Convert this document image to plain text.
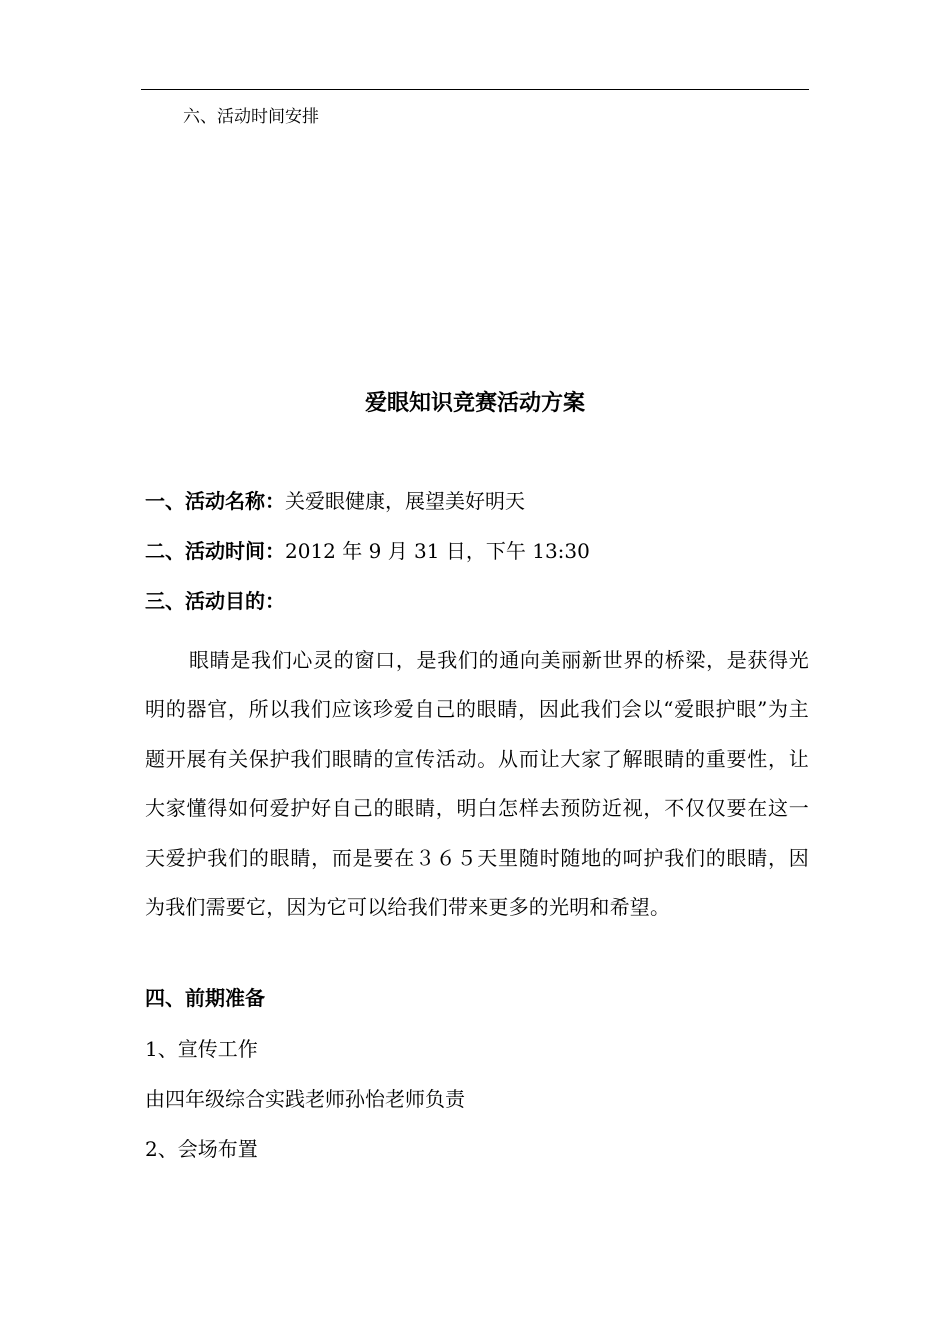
六、活动时间安排
爱眼知识竞赛活动方案
一、活动名称：关爱眼健康，展望美好明天
二、活动时间：2012 年 9 月 31 日，下午 13:30
三、活动目的：
眼睛是我们心灵的窗口，是我们的通向美丽新世界的桥梁，是获得光明的器官，所以我们应该珍爱自己的眼睛，因此我们会以“爱眼护眼”为主题开展有关保护我们眼睛的宣传活动。从而让大家了解眼睛的重要性，让大家懂得如何爱护好自己的眼睛，明白怎样去预防近视，不仅仅要在这一天爱护我们的眼睛，而是要在３６５天里随时随地的呵护我们的眼睛，因为我们需要它，因为它可以给我们带来更多的光明和希望。
四、前期准备
1、宣传工作
由四年级综合实践老师孙怡老师负责
2、会场布置
